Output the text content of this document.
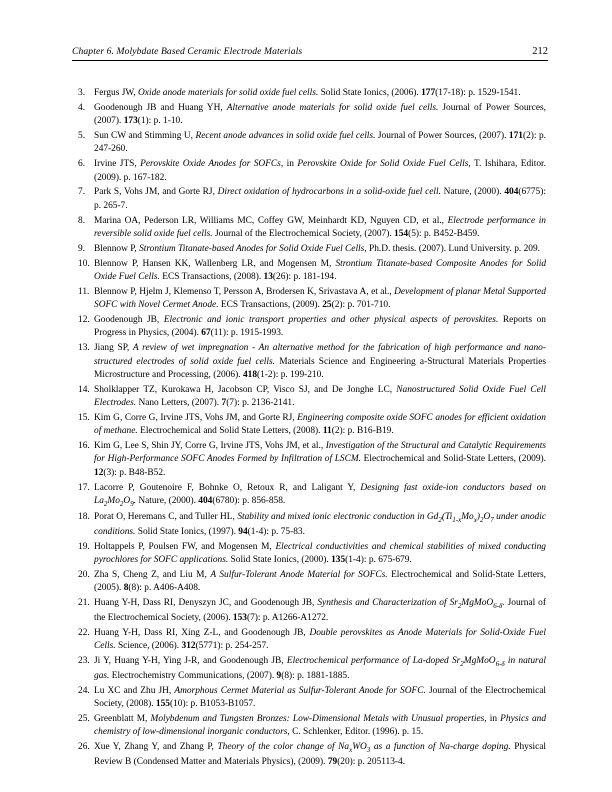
Chapter 6. Molybdate Based Ceramic Electrode Materials	212
3. Fergus JW, Oxide anode materials for solid oxide fuel cells. Solid State Ionics, (2006). 177(17-18): p. 1529-1541.
4. Goodenough JB and Huang YH, Alternative anode materials for solid oxide fuel cells. Journal of Power Sources, (2007). 173(1): p. 1-10.
5. Sun CW and Stimming U, Recent anode advances in solid oxide fuel cells. Journal of Power Sources, (2007). 171(2): p. 247-260.
6. Irvine JTS, Perovskite Oxide Anodes for SOFCs, in Perovskite Oxide for Solid Oxide Fuel Cells, T. Ishihara, Editor. (2009). p. 167-182.
7. Park S, Vohs JM, and Gorte RJ, Direct oxidation of hydrocarbons in a solid-oxide fuel cell. Nature, (2000). 404(6775): p. 265-7.
8. Marina OA, Pederson LR, Williams MC, Coffey GW, Meinhardt KD, Nguyen CD, et al., Electrode performance in reversible solid oxide fuel cells. Journal of the Electrochemical Society, (2007). 154(5): p. B452-B459.
9. Blennow P, Strontium Titanate-based Anodes for Solid Oxide Fuel Cells, Ph.D. thesis. (2007). Lund University. p. 209.
10. Blennow P, Hansen KK, Wallenberg LR, and Mogensen M, Strontium Titanate-based Composite Anodes for Solid Oxide Fuel Cells. ECS Transactions, (2008). 13(26): p. 181-194.
11. Blennow P, Hjelm J, Klemenso T, Persson A, Brodersen K, Srivastava A, et al., Development of planar Metal Supported SOFC with Novel Cermet Anode. ECS Transactions, (2009). 25(2): p. 701-710.
12. Goodenough JB, Electronic and ionic transport properties and other physical aspects of perovskites. Reports on Progress in Physics, (2004). 67(11): p. 1915-1993.
13. Jiang SP, A review of wet impregnation - An alternative method for the fabrication of high performance and nano-structured electrodes of solid oxide fuel cells. Materials Science and Engineering a-Structural Materials Properties Microstructure and Processing, (2006). 418(1-2): p. 199-210.
14. Sholklapper TZ, Kurokawa H, Jacobson CP, Visco SJ, and De Jonghe LC, Nanostructured Solid Oxide Fuel Cell Electrodes. Nano Letters, (2007). 7(7): p. 2136-2141.
15. Kim G, Corre G, Irvine JTS, Vohs JM, and Gorte RJ, Engineering composite oxide SOFC anodes for efficient oxidation of methane. Electrochemical and Solid State Letters, (2008). 11(2): p. B16-B19.
16. Kim G, Lee S, Shin JY, Corre G, Irvine JTS, Vohs JM, et al., Investigation of the Structural and Catalytic Requirements for High-Performance SOFC Anodes Formed by Infiltration of LSCM. Electrochemical and Solid-State Letters, (2009). 12(3): p. B48-B52.
17. Lacorre P, Goutenoire F, Bohnke O, Retoux R, and Laligant Y, Designing fast oxide-ion conductors based on $La_2Mo_2O_9$. Nature, (2000). 404(6780): p. 856-858.
18. Porat O, Heremans C, and Tuller HL, Stability and mixed ionic electronic conduction in $Gd_2(Ti_{1-x}Mo_x)_2O_7$ under anodic conditions. Solid State Ionics, (1997). 94(1-4): p. 75-83.
19. Holtappels P, Poulsen FW, and Mogensen M, Electrical conductivities and chemical stabilities of mixed conducting pyrochlores for SOFC applications. Solid State Ionics, (2000). 135(1-4): p. 675-679.
20. Zha S, Cheng Z, and Liu M, A Sulfur-Tolerant Anode Material for SOFCs. Electrochemical and Solid-State Letters, (2005). 8(8): p. A406-A408.
21. Huang Y-H, Dass RI, Denyszyn JC, and Goodenough JB, Synthesis and Characterization of $Sr_2MgMoO_{6-\delta}$. Journal of the Electrochemical Society, (2006). 153(7): p. A1266-A1272.
22. Huang Y-H, Dass RI, Xing Z-L, and Goodenough JB, Double perovskites as Anode Materials for Solid-Oxide Fuel Cells. Science, (2006). 312(5771): p. 254-257.
23. Ji Y, Huang Y-H, Ying J-R, and Goodenough JB, Electrochemical performance of La-doped $Sr_2MgMoO_{6-\delta}$ in natural gas. Electrochemistry Communications, (2007). 9(8): p. 1881-1885.
24. Lu XC and Zhu JH, Amorphous Cermet Material as Sulfur-Tolerant Anode for SOFC. Journal of the Electrochemical Society, (2008). 155(10): p. B1053-B1057.
25. Greenblatt M, Molybdenum and Tungsten Bronzes: Low-Dimensional Metals with Unusual properties, in Physics and chemistry of low-dimensional inorganic conductors, C. Schlenker, Editor. (1996). p. 15.
26. Xue Y, Zhang Y, and Zhang P, Theory of the color change of $Na_xWO_3$ as a function of Na-charge doping. Physical Review B (Condensed Matter and Materials Physics), (2009). 79(20): p. 205113-4.
